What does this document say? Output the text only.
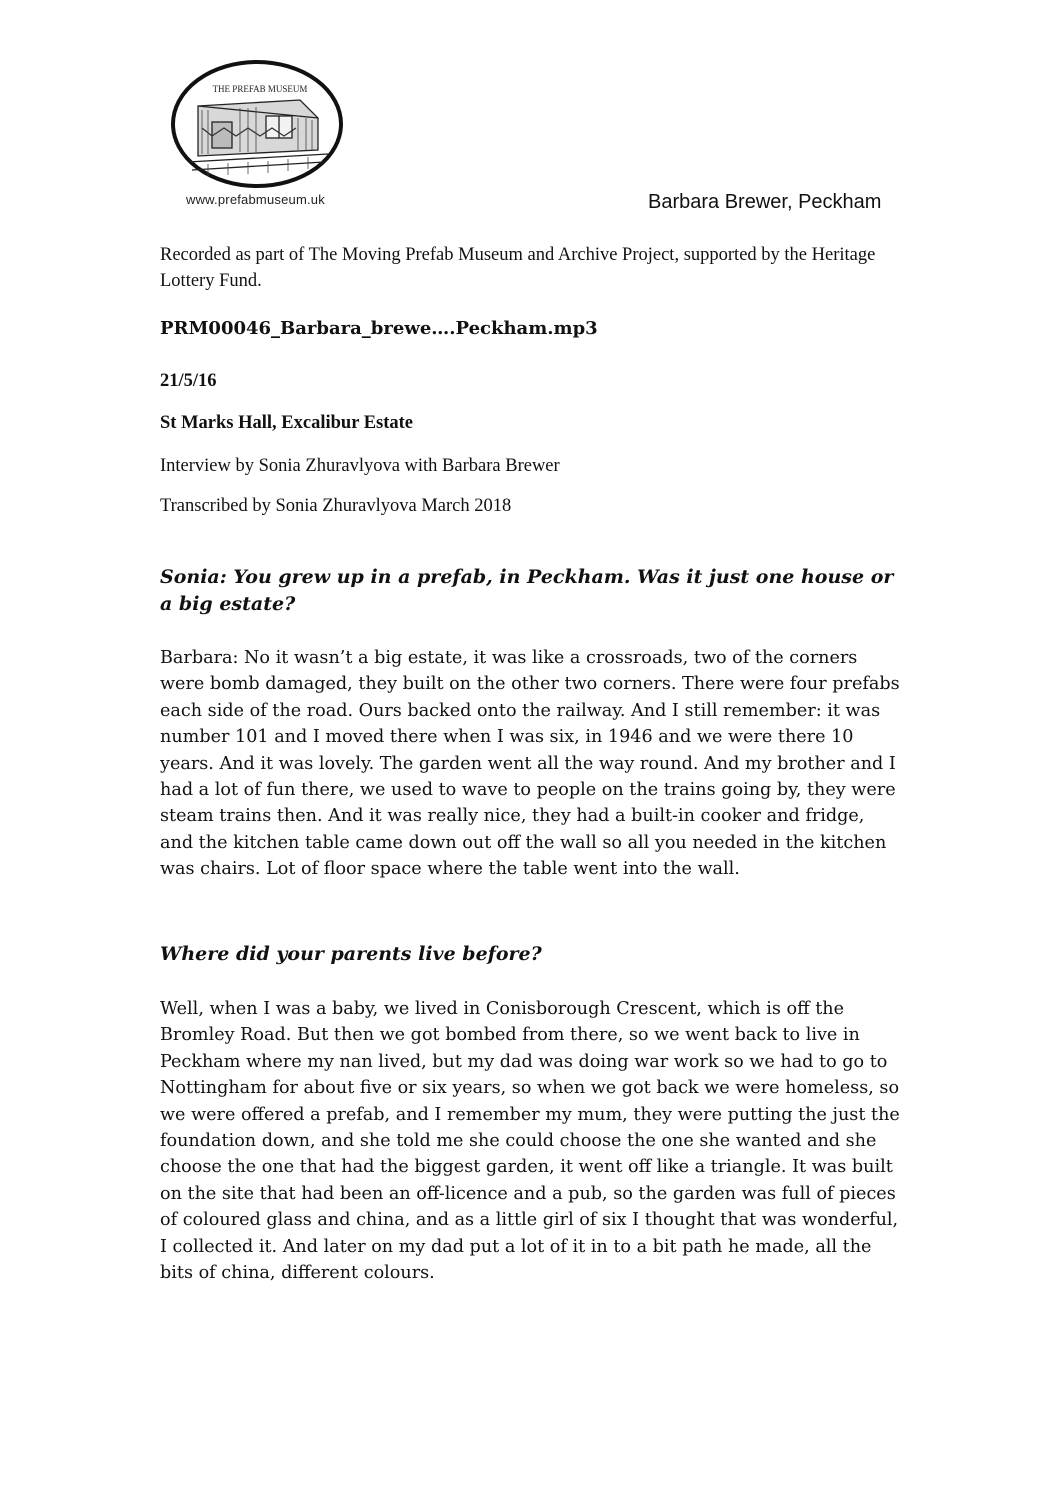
THE PREFAB MUSEUM
www.prefabmuseum.uk	Barbara Brewer, Peckham
Recorded as part of The Moving Prefab Museum and Archive Project, supported by the Heritage Lottery Fund.
PRM00046_Barbara_brewe….Peckham.mp3
21/5/16
St Marks Hall, Excalibur Estate
Interview by Sonia Zhuravlyova with Barbara Brewer
Transcribed by Sonia Zhuravlyova March 2018
Sonia: You grew up in a prefab, in Peckham. Was it just one house or a big estate?
Barbara: No it wasn’t a big estate, it was like a crossroads, two of the corners were bomb damaged, they built on the other two corners. There were four prefabs each side of the road. Ours backed onto the railway. And I still remember: it was number 101 and I moved there when I was six, in 1946 and we were there 10 years. And it was lovely. The garden went all the way round. And my brother and I had a lot of fun there, we used to wave to people on the trains going by, they were steam trains then. And it was really nice, they had a built-in cooker and fridge, and the kitchen table came down out off the wall so all you needed in the kitchen was chairs. Lot of floor space where the table went into the wall.
Where did your parents live before?
Well, when I was a baby, we lived in Conisborough Crescent, which is off the Bromley Road. But then we got bombed from there, so we went back to live in Peckham where my nan lived, but my dad was doing war work so we had to go to Nottingham for about five or six years, so when we got back we were homeless, so we were offered a prefab, and I remember my mum, they were putting the just the foundation down, and she told me she could choose the one she wanted and she choose the one that had the biggest garden, it went off like a triangle. It was built on the site that had been an off-licence and a pub, so the garden was full of pieces of coloured glass and china, and as a little girl of six I thought that was wonderful, I collected it. And later on my dad put a lot of it in to a bit path he made, all the bits of china, different colours.
